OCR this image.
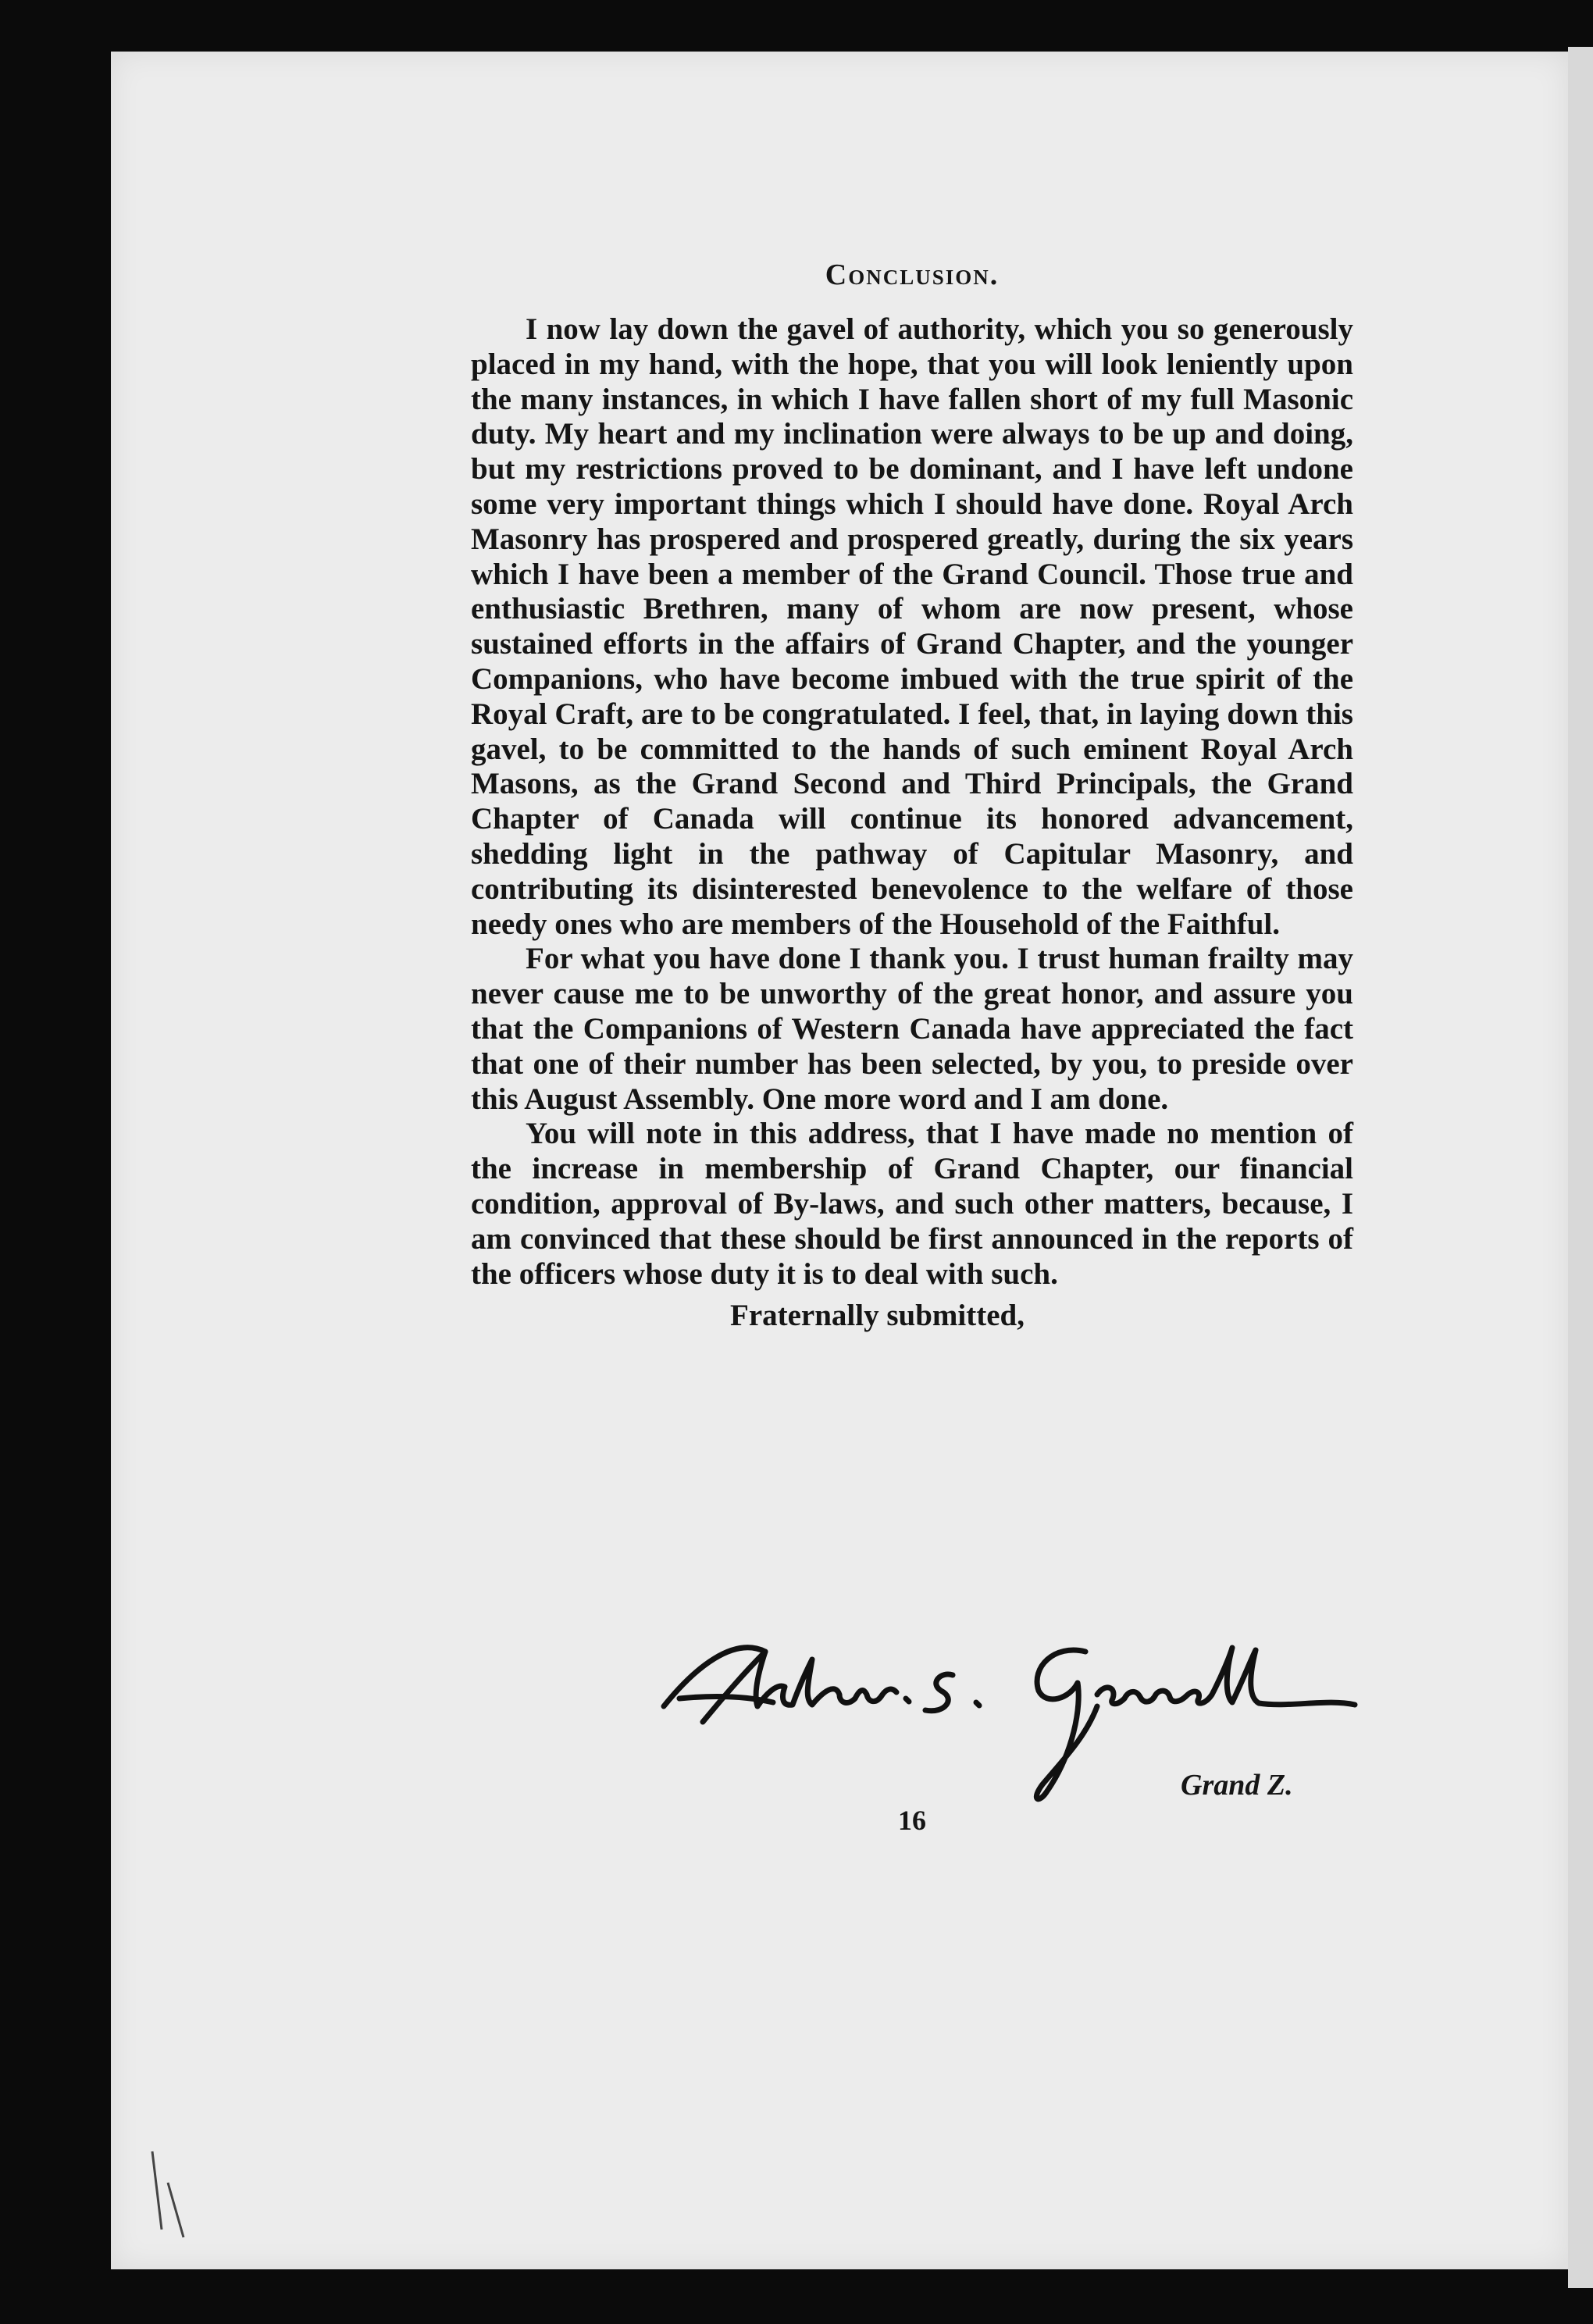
Conclusion.

I now lay down the gavel of authority, which you so generously placed in my hand, with the hope, that you will look leniently upon the many instances, in which I have fallen short of my full Masonic duty. My heart and my inclination were always to be up and doing, but my restrictions proved to be dominant, and I have left undone some very important things which I should have done. Royal Arch Masonry has prospered and prospered greatly, during the six years which I have been a member of the Grand Council. Those true and enthusiastic Brethren, many of whom are now present, whose sustained efforts in the affairs of Grand Chapter, and the younger Companions, who have become imbued with the true spirit of the Royal Craft, are to be congratulated. I feel, that, in laying down this gavel, to be committed to the hands of such eminent Royal Arch Masons, as the Grand Second and Third Principals, the Grand Chapter of Canada will continue its honored advancement, shedding light in the pathway of Capitular Masonry, and contributing its disinterested benevolence to the welfare of those needy ones who are members of the Household of the Faithful.

For what you have done I thank you. I trust human frailty may never cause me to be unworthy of the great honor, and assure you that the Companions of Western Canada have appreciated the fact that one of their number has been selected, by you, to preside over this August Assembly. One more word and I am done.

You will note in this address, that I have made no mention of the increase in membership of Grand Chapter, our financial condition, approval of By-laws, and such other matters, because, I am convinced that these should be first announced in the reports of the officers whose duty it is to deal with such.

Fraternally submitted,

Grand Z.
16
